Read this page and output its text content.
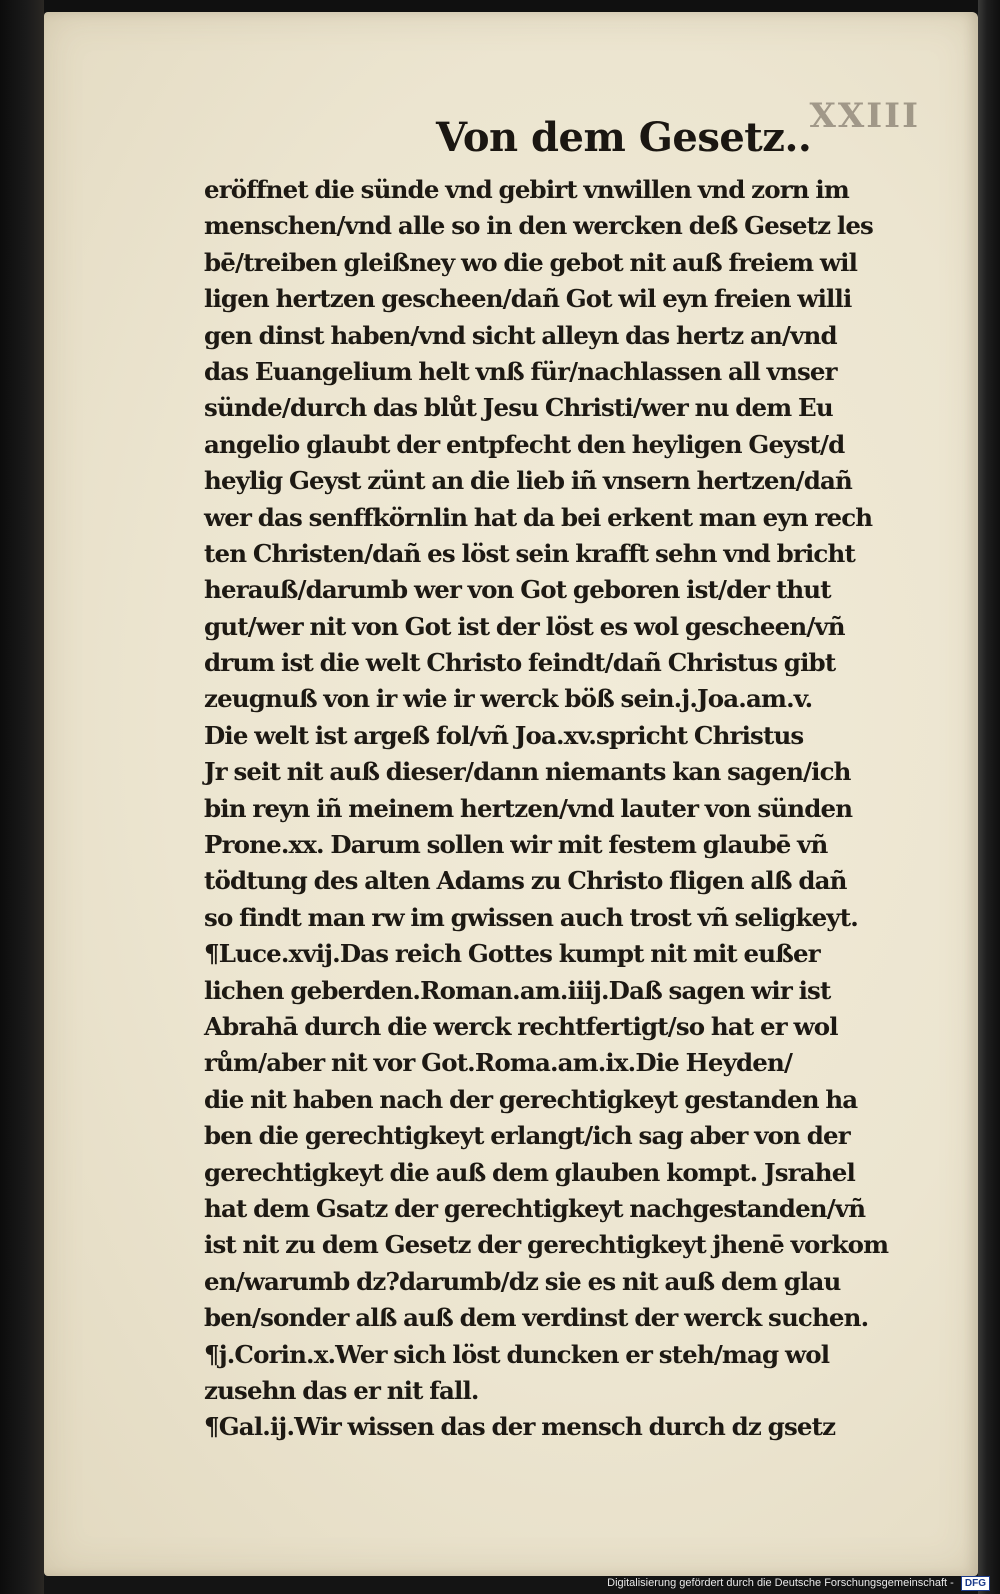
XXIII
Von dem Gesetz..
eröffnet die sünde vnd gebirt vnwillen vnd zorn im
menschen/vnd alle so in den wercken deß Gesetz les
bē/treiben gleißney wo die gebot nit auß freiem wil
ligen hertzen gescheen/dañ Got wil eyn freien willi
gen dinst haben/vnd sicht alleyn das hertz an/vnd
das Euangelium helt vnß für/nachlassen all vnser
sünde/durch das blůt Jesu Christi/wer nu dem Eu
angelio glaubt der entpfecht den heyligen Geyst/d
heylig Geyst zünt an die lieb iñ vnsern hertzen/dañ
wer das senffkörnlin hat da bei erkent man eyn rech
ten Christen/dañ es löst sein krafft sehn vnd bricht
herauß/darumb wer von Got geboren ist/der thut
gut/wer nit von Got ist der löst es wol gescheen/vñ
drum ist die welt Christo feindt/dañ Christus gibt
zeugnuß von ir wie ir werck böß sein.j.Joa.am.v.
Die welt ist argeß fol/vñ Joa.xv.spricht Christus
Jr seit nit auß dieser/dann niemants kan sagen/ich
bin reyn iñ meinem hertzen/vnd lauter von sünden
Prone.xx. Darum sollen wir mit festem glaubē vñ
tödtung des alten Adams zu Christo fligen alß dañ
so findt man rw im gwissen auch trost vñ seligkeyt.
¶Luce.xvij.Das reich Gottes kumpt nit mit eußer
lichen geberden.Roman.am.iiij.Daß sagen wir ist
Abrahā durch die werck rechtfertigt/so hat er wol
rům/aber nit vor Got.Roma.am.ix.Die Heyden/
die nit haben nach der gerechtigkeyt gestanden ha
ben die gerechtigkeyt erlangt/ich sag aber von der
gerechtigkeyt die auß dem glauben kompt. Jsrahel
hat dem Gsatz der gerechtigkeyt nachgestanden/vñ
ist nit zu dem Gesetz der gerechtigkeyt jhenē vorkom
en/warumb dz?darumb/dz sie es nit auß dem glau
ben/sonder alß auß dem verdinst der werck suchen.
¶j.Corin.x.Wer sich löst duncken er steh/mag wol
zusehn das er nit fall.
¶Gal.ij.Wir wissen das der mensch durch dz gsetz
Digitalisierung gefördert durch die Deutsche Forschungsgemeinschaft - DFG
